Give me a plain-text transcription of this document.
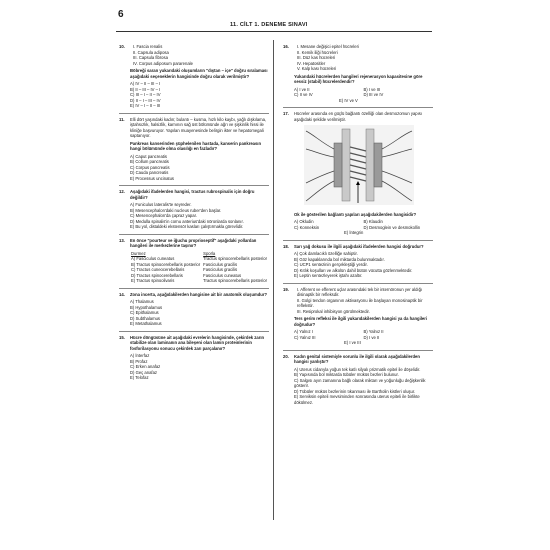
6
11. CİLT 1. DENEME SINAVI
10.	I. Fascia renalis
II. Capsula adiposa
III. Capsula fibrosa
IV. Corpus adiposum pararenale
Böbreği saran yukarıdaki oluşumların "dıştan – içe" doğru sıralaması aşağıdaki seçeneklerin hangisinde doğru olarak verilmiştir?
A) IV – II – III – I
B) II – III – IV – I
C) III – I – II – IV
D) II – I – III – IV
E) IV – I – II – III
11.	Elli dört yaşındaki kadın; bulantı – kusma, hızlı kilo kaybı, yağlı dışkılama, iştahsızlık, halsizlik, karnının sağ üst bölümünde ağrı ve şişkinlik hissi ile kliniğe başvuruyor. Yapılan muayenesinde belirgin ikter ve hepatomegali saptanıyor.
Pankreas kanserinden şüphelenilen hastada, kanserin pankreasın hangi bölümünde olma olasılığı en fazladır?
A) Caput pancreatis
B) Collum pancreatis
C) Corpus pancreatis
D) Cauda pancreatis
E) Processus uncinatus
12.	Aşağıdaki ifadelerden hangisi, tractus rubrospinalis için doğru değildir?
A) Funiculus lateralis'te seyreder.
B) Mesencephalon'daki nucleus ruber'den başlar.
C) Mesencephalon'da çapraz yapar.
D) Medulla spinalis'in cornu anterius'daki nöronlarda sonlanır.
E) Bu yol, distaldeki ekstensör kasları çalıştırmakla görevlidir.
13.	En önce "pourteur ve iğuchu proprioseptif" aşağıdaki yollardan hangileri ile merkezlerine taşınır?
Durmez	Sporla
A) Fasciculus cuneatus	Tractus spinocerebellaris posterior
B) Tractus spinocerebellaris posterior	Fasciculus gracilis
C) Tractus cuneocerebellaris	Fasciculus gracilis
D) Tractus spinocerebellaris	Fasciculus cuneatus
E) Tractus spinoolivaris	Tractus spinocerebellaris posterior
14.	Zona incerta, aşağıdakilerden hangisine ait bir anatomik oluşumdur?
A) Thalamus
B) Hypothalamus
C) Epithalamus
D) Subthalamus
E) Metathalamus
15.	Hücre döngüsüne ait aşağıdaki evrelerin hangisinde, çekirdek zarın stabilize olan laminanın ana bileşeni olan lamin proteinlerinin fosforilasyonu sonucu çekirdek zarı parçalanır?
A) İnterfaz
B) Profaz
C) Erken anafaz
D) Geç anafaz
E) Telofaz
16.	I. Mesane değişici epitel hücreleri
II. Kemik iliği hücreleri
III. Düz kas hücreleri
IV. Hepatositler
V. Kalp kası hücreleri
Yukarıdaki hücrelerden hangileri rejenerasyon kapasitesine göre sessiz (stabil) hücrelerdendir?
A) I ve II	B) I ve III
C) II ve IV	D) III ve IV
E) IV ve V
17.	Hücreler arasında en güçlü bağlantı özelliği olan desmozomun yapısı aşağıdaki şekilde verilmiştir.
Ok ile gösterilen bağlantı yapıları aşağıdakilerden hangisidir?
A) Okludin	B) Klaudin
C) Konneksin	D) Desmoglein ve desmokollin
E) İntegrin
18.	Sarı yağ dokusu ile ilgili aşağıdaki ifadelerden hangisi doğrudur?
A) Çok damlacıklı özelliğe sahiptir.
B) Göz kapaklarında bol miktarda bulunmaktadır.
C) UCP1 sentezinin gerçekleştiği yerdir.
D) Kıtlık koşulları ve alkolün dahil bütün vücutta gözlenmektedir.
E) Leptin sentezleyerek iştahı azaltır.
19.	I. Afferent ve efferent uçlar arasındaki tek bir internöronun yer aldığı disinaptik bir refleksdir.
II. Golgi tendon organının aktivasyonu ile başlayan monosinaptik bir reflekstir.
III. Resiprokal inhibisyon görülmektedir.
Ters gerim refleksi ile ilgili yukarıdakilerden hangisi ya da hangileri doğrudur?
A) Yalnız I	B) Yalnız II
C) Yalnız III	D) I ve II
E) I ve III
20.	Kadın genital sistemiyle sorunlu ile ilgili olarak aşağıdakilerden hangisi yanlıştır?
A) Uterus cidarıyla yoğun tek katlı silyalı prizmatik epitel ile döşelidir.
B) Yapısında bol miktarda tübüler müküs bezleri bulunur.
C) Salgısı ayın zamanına bağlı olarak miktarı ve yoğunluğu değişkenlik gösterir.
D) Tübüler müküs bezlerinin tıkanması ile Bartholin kistleri oluşur.
E) Serviksin epiteli mevsiminden sonrasında uterus epiteli ile birlikte dökülmez.
